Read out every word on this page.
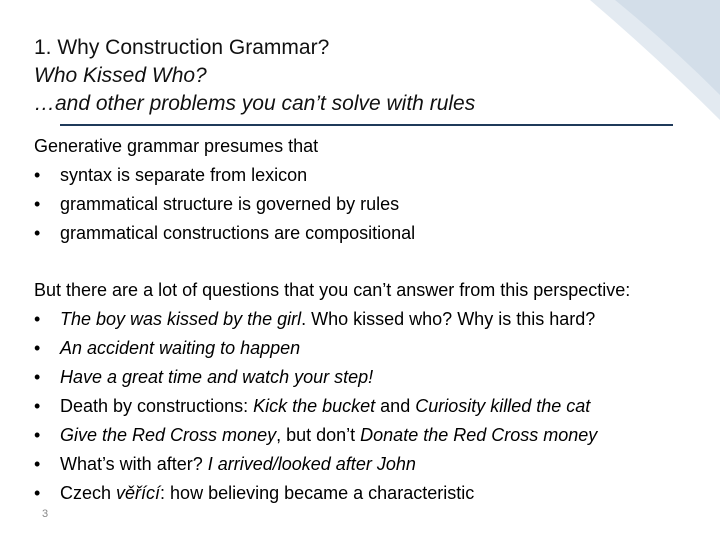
1. Why Construction Grammar?
Who Kissed Who?
…and other problems you can’t solve with rules
Generative grammar presumes that
• syntax is separate from lexicon
• grammatical structure is governed by rules
• grammatical constructions are compositional
But there are a lot of questions that you can’t answer from this perspective:
• The boy was kissed by the girl. Who kissed who? Why is this hard?
• An accident waiting to happen
• Have a great time and watch your step!
• Death by constructions: Kick the bucket and Curiosity killed the cat
• Give the Red Cross money, but don’t Donate the Red Cross money
• What’s with after? I arrived/looked after John
• Czech věřící: how believing became a characteristic
3
